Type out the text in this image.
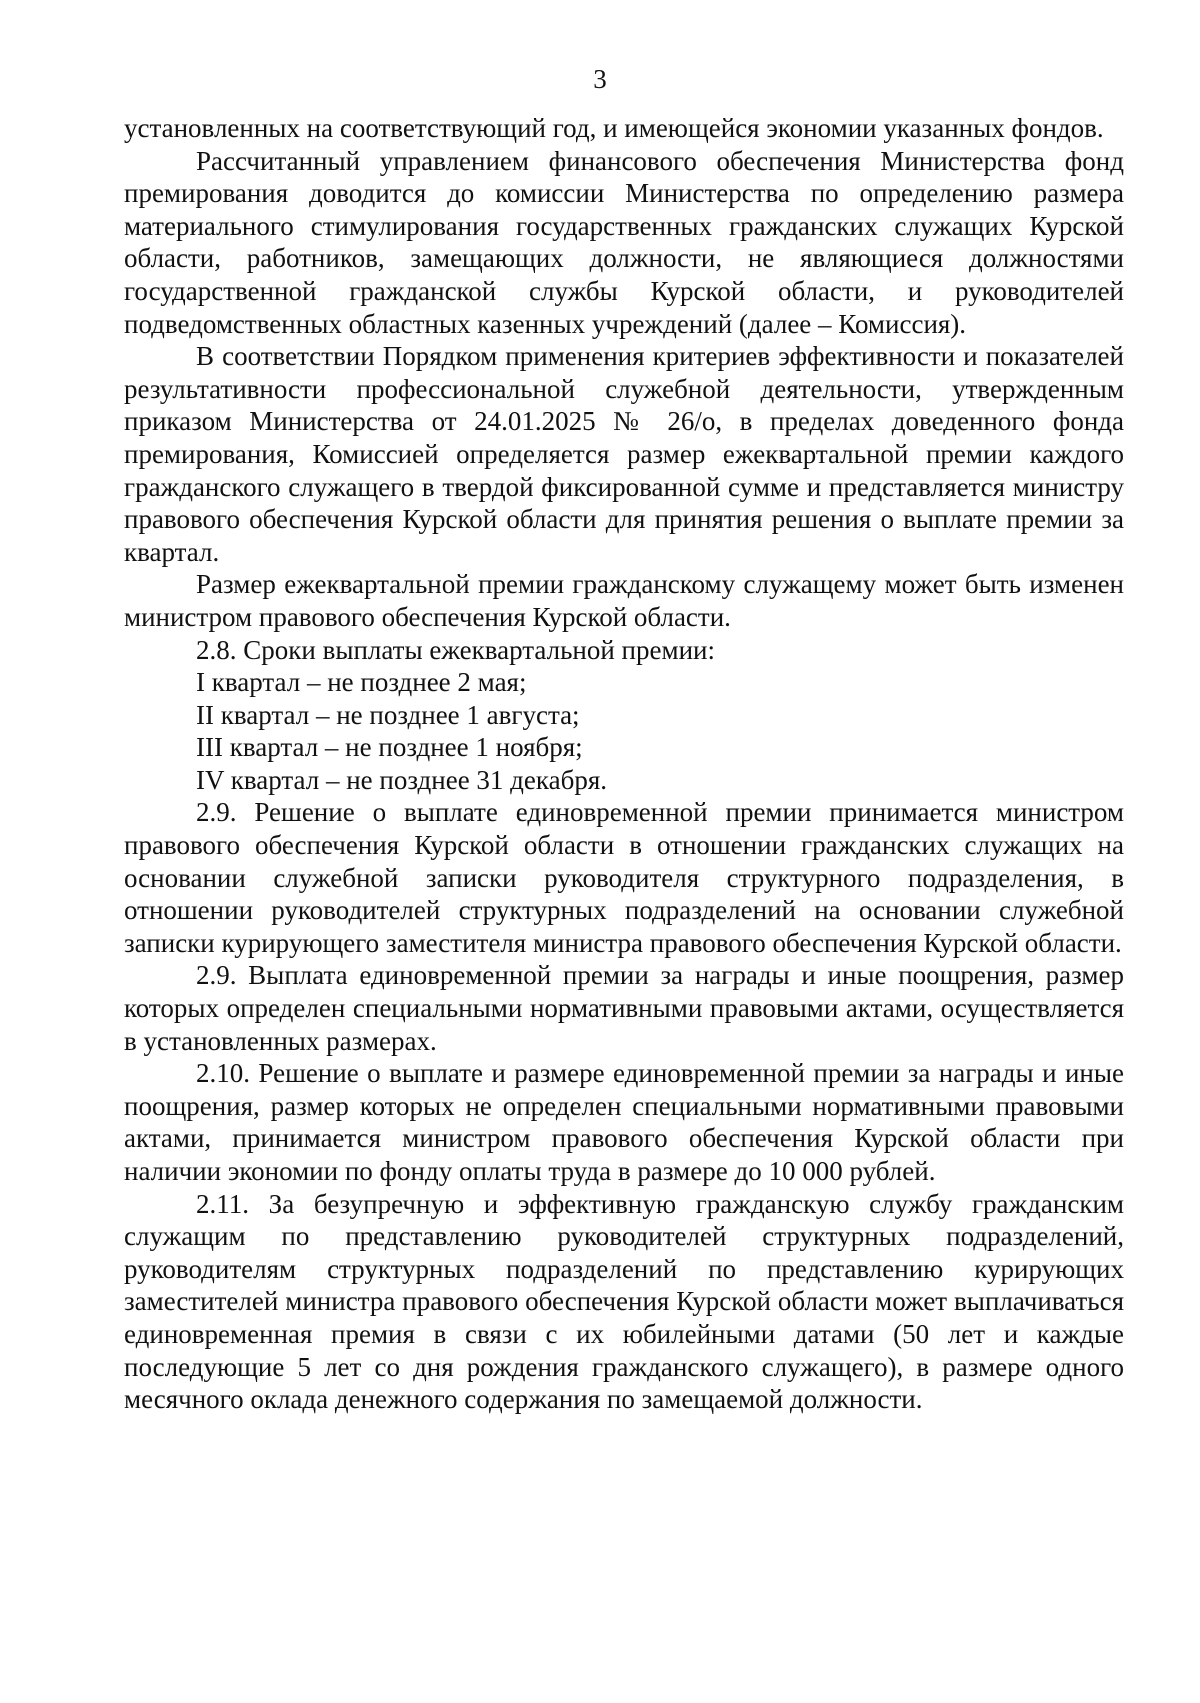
3

установленных на соответствующий год, и имеющейся экономии указанных фондов.

Рассчитанный управлением финансового обеспечения Министерства фонд премирования доводится до комиссии Министерства по определению размера материального стимулирования государственных гражданских служащих Курской области, работников, замещающих должности, не являющиеся должностями государственной гражданской службы Курской области, и руководителей подведомственных областных казенных учреждений (далее – Комиссия).

В соответствии Порядком применения критериев эффективности и показателей результативности профессиональной служебной деятельности, утвержденным приказом Министерства от 24.01.2025 № 26/о, в пределах доведенного фонда премирования, Комиссией определяется размер ежеквартальной премии каждого гражданского служащего в твердой фиксированной сумме и представляется министру правового обеспечения Курской области для принятия решения о выплате премии за квартал.

Размер ежеквартальной премии гражданскому служащему может быть изменен министром правового обеспечения Курской области.

2.8. Сроки выплаты ежеквартальной премии:

I квартал – не позднее 2 мая;

II квартал – не позднее 1 августа;

III квартал – не позднее 1 ноября;

IV квартал – не позднее 31 декабря.

2.9. Решение о выплате единовременной премии принимается министром правового обеспечения Курской области в отношении гражданских служащих на основании служебной записки руководителя структурного подразделения, в отношении руководителей структурных подразделений на основании служебной записки курирующего заместителя министра правового обеспечения Курской области.

2.9. Выплата единовременной премии за награды и иные поощрения, размер которых определен специальными нормативными правовыми актами, осуществляется в установленных размерах.

2.10. Решение о выплате и размере единовременной премии за награды и иные поощрения, размер которых не определен специальными нормативными правовыми актами, принимается министром правового обеспечения Курской области при наличии экономии по фонду оплаты труда в размере до 10 000 рублей.

2.11. За безупречную и эффективную гражданскую службу гражданским служащим по представлению руководителей структурных подразделений, руководителям структурных подразделений по представлению курирующих заместителей министра правового обеспечения Курской области может выплачиваться единовременная премия в связи с их юбилейными датами (50 лет и каждые последующие 5 лет со дня рождения гражданского служащего), в размере одного месячного оклада денежного содержания по замещаемой должности.
